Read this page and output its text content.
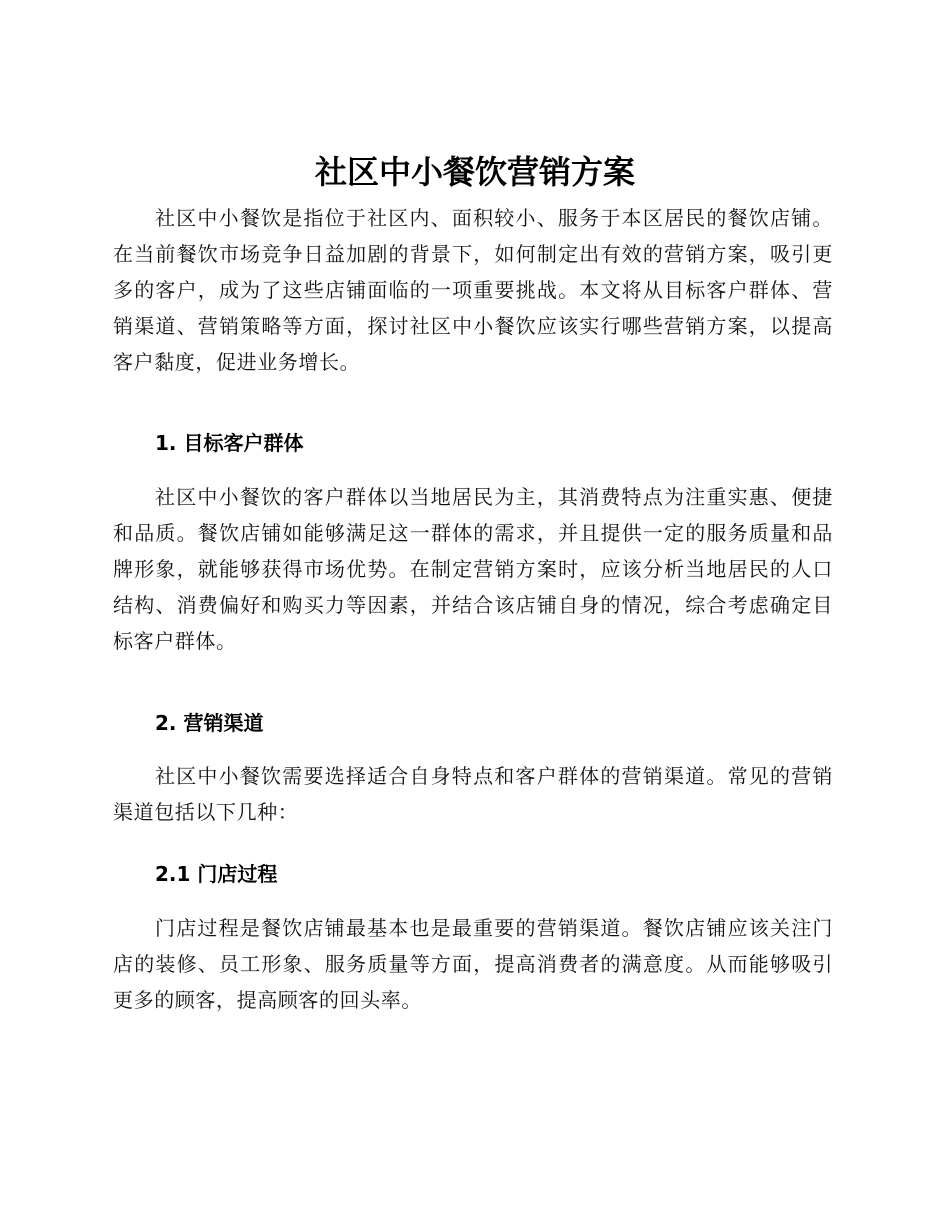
社区中小餐饮营销方案

社区中小餐饮是指位于社区内、面积较小、服务于本区居民的餐饮店铺。在当前餐饮市场竞争日益加剧的背景下，如何制定出有效的营销方案，吸引更多的客户，成为了这些店铺面临的一项重要挑战。本文将从目标客户群体、营销渠道、营销策略等方面，探讨社区中小餐饮应该实行哪些营销方案，以提高客户黏度，促进业务增长。

1. 目标客户群体

社区中小餐饮的客户群体以当地居民为主，其消费特点为注重实惠、便捷和品质。餐饮店铺如能够满足这一群体的需求，并且提供一定的服务质量和品牌形象，就能够获得市场优势。在制定营销方案时，应该分析当地居民的人口结构、消费偏好和购买力等因素，并结合该店铺自身的情况，综合考虑确定目标客户群体。

2. 营销渠道

社区中小餐饮需要选择适合自身特点和客户群体的营销渠道。常见的营销渠道包括以下几种：

2.1 门店过程

门店过程是餐饮店铺最基本也是最重要的营销渠道。餐饮店铺应该关注门店的装修、员工形象、服务质量等方面，提高消费者的满意度。从而能够吸引更多的顾客，提高顾客的回头率。
